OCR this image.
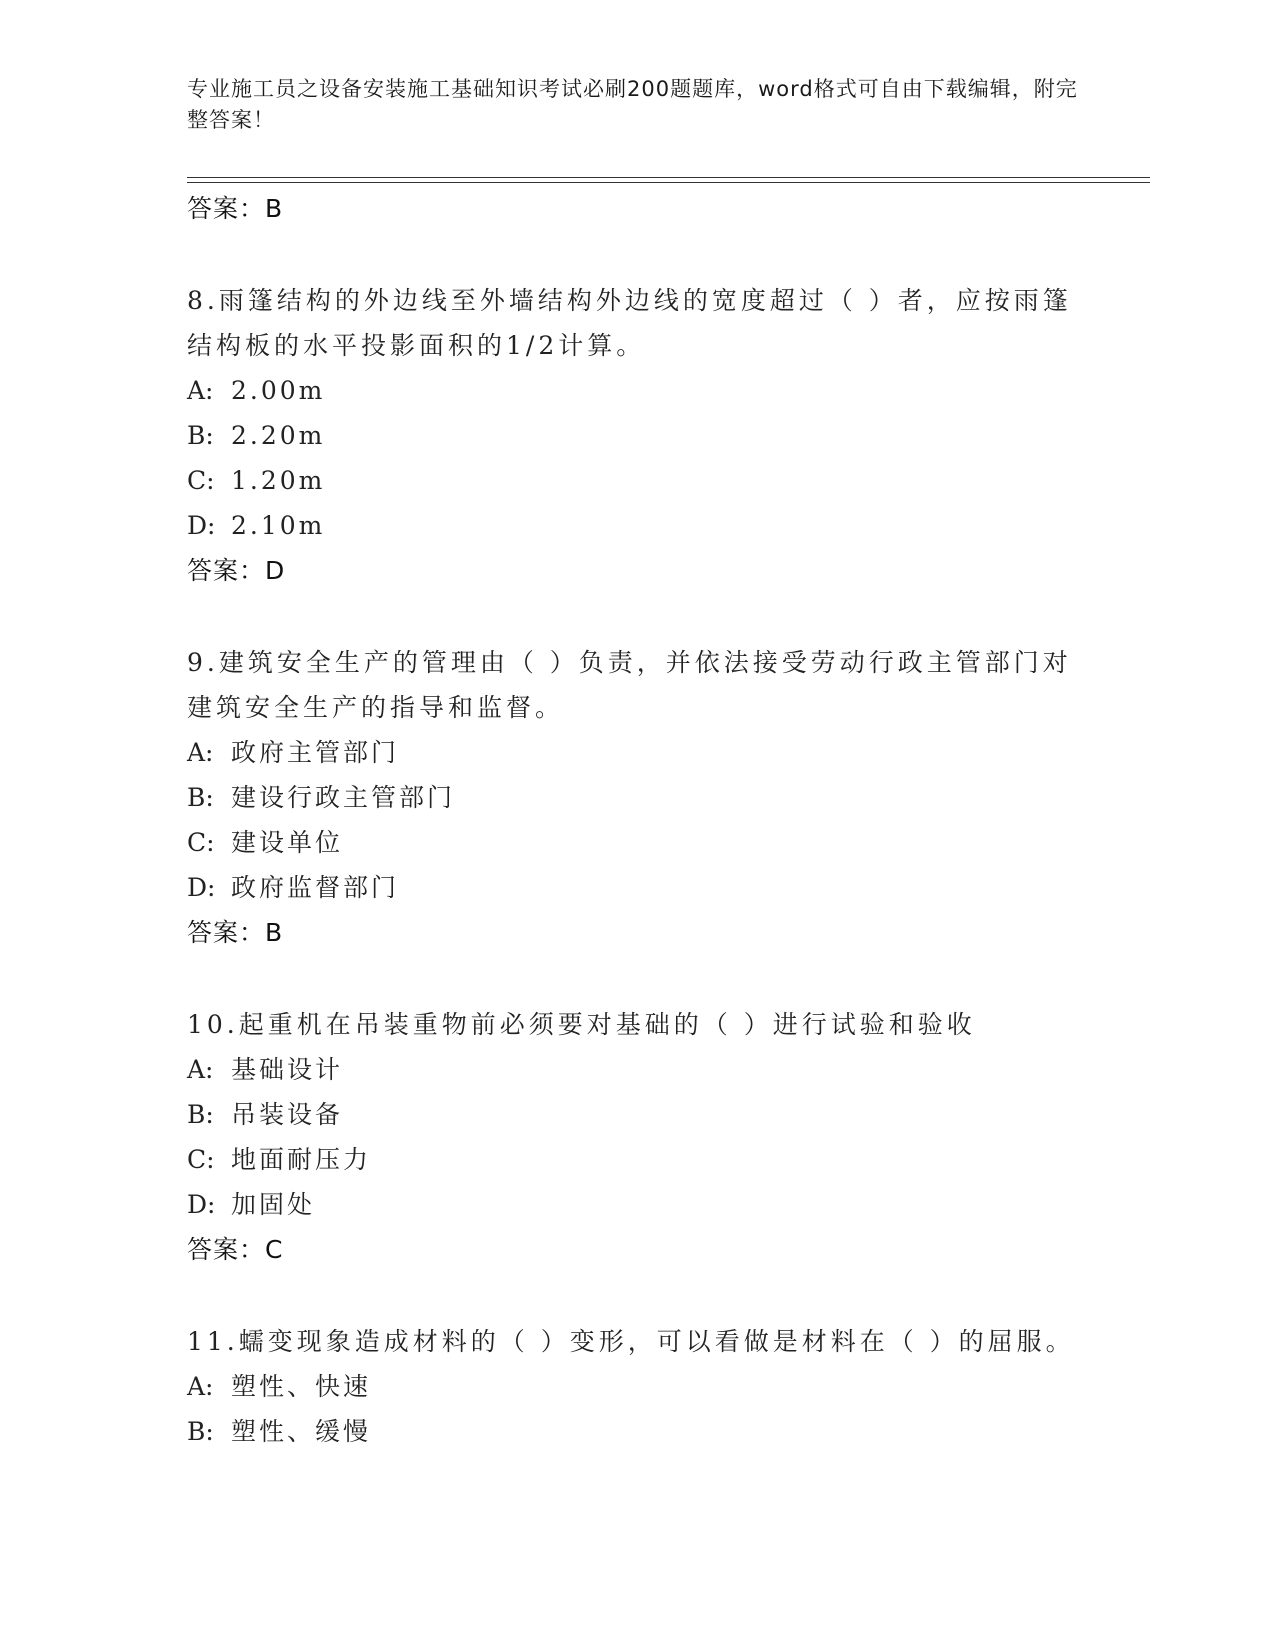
专业施工员之设备安装施工基础知识考试必刷200题题库，word格式可自由下载编辑，附完整答案！
答案：B
8.雨篷结构的外边线至外墙结构外边线的宽度超过（ ）者，应按雨篷结构板的水平投影面积的1/2计算。
A: 2.00m
B: 2.20m
C: 1.20m
D: 2.10m
答案：D
9.建筑安全生产的管理由（ ）负责，并依法接受劳动行政主管部门对建筑安全生产的指导和监督。
A: 政府主管部门
B: 建设行政主管部门
C: 建设单位
D: 政府监督部门
答案：B
10.起重机在吊装重物前必须要对基础的（ ）进行试验和验收
A: 基础设计
B: 吊装设备
C: 地面耐压力
D: 加固处
答案：C
11.蠕变现象造成材料的（ ）变形，可以看做是材料在（ ）的屈服。
A: 塑性、快速
B: 塑性、缓慢
